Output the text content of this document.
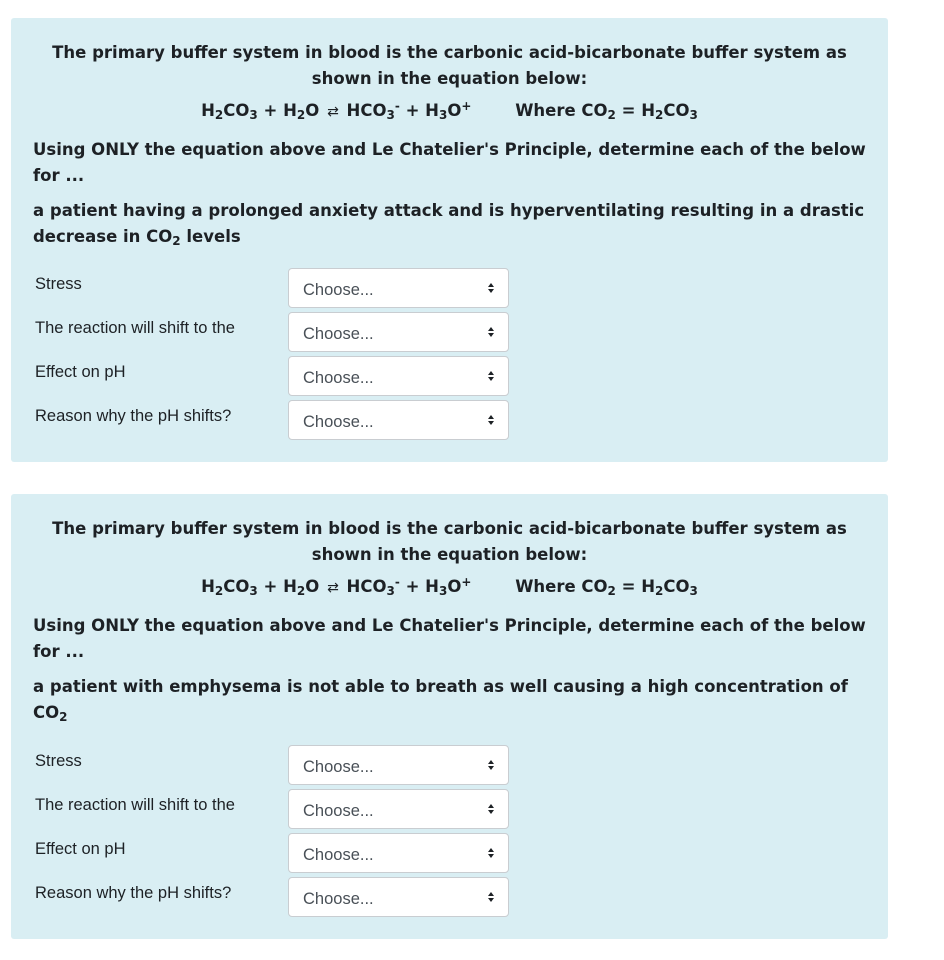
The primary buffer system in blood is the carbonic acid-bicarbonate buffer system as
shown in the equation below:
$H_2CO_3 + H_2O$ ⇄ $HCO_3^- + H_3O^+$	Where $CO_2 = H_2CO_3$
Using ONLY the equation above and Le Chatelier's Principle, determine each of the below for ...
a patient having a prolonged anxiety attack and is hyperventilating resulting in a drastic decrease in $CO_2$ levels
Stress	Choose...
The reaction will shift to the	Choose...
Effect on pH	Choose...
Reason why the pH shifts?	Choose...
The primary buffer system in blood is the carbonic acid-bicarbonate buffer system as
shown in the equation below:
$H_2CO_3 + H_2O$ ⇄ $HCO_3^- + H_3O^+$	Where $CO_2 = H_2CO_3$
Using ONLY the equation above and Le Chatelier's Principle, determine each of the below for ...
a patient with emphysema is not able to breath as well causing a high concentration of $CO_2$
Stress	Choose...
The reaction will shift to the	Choose...
Effect on pH	Choose...
Reason why the pH shifts?	Choose...
